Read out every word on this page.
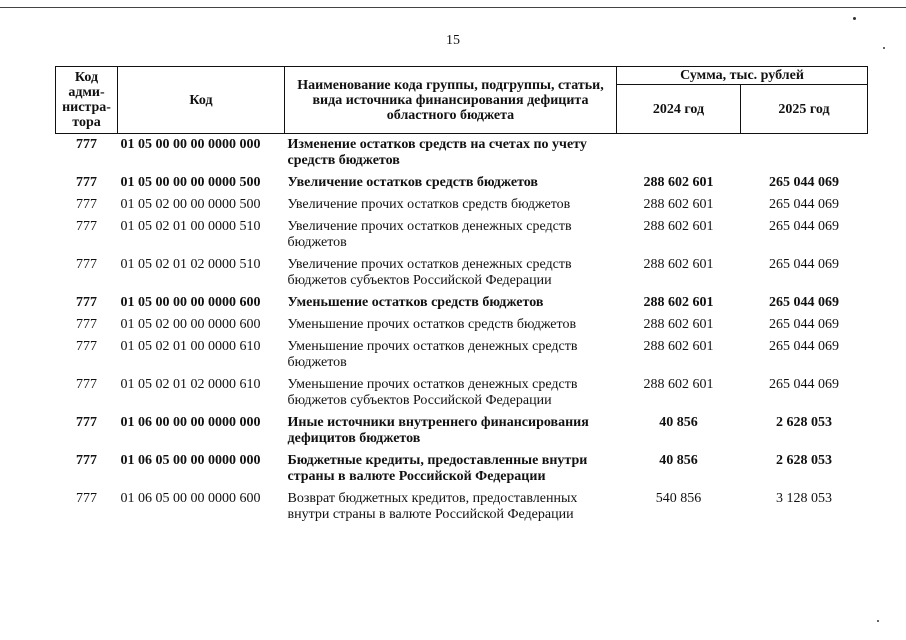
15
Код адми-нистра-тора	Код	Наименование кода группы, подгруппы, статьи, вида источника финансирования дефицита областного бюджета	Сумма, тыс. рублей	
			2024 год	2025 год
777	01 05 00 00 00 0000 000	Изменение остатков средств на счетах по учету средств бюджетов		
777	01 05 00 00 00 0000 500	Увеличение остатков средств бюджетов	288 602 601	265 044 069
777	01 05 02 00 00 0000 500	Увеличение прочих остатков средств бюджетов	288 602 601	265 044 069
777	01 05 02 01 00 0000 510	Увеличение прочих остатков денежных средств бюджетов	288 602 601	265 044 069
777	01 05 02 01 02 0000 510	Увеличение прочих остатков денежных средств бюджетов субъектов Российской Федерации	288 602 601	265 044 069
777	01 05 00 00 00 0000 600	Уменьшение остатков средств бюджетов	288 602 601	265 044 069
777	01 05 02 00 00 0000 600	Уменьшение прочих остатков средств бюджетов	288 602 601	265 044 069
777	01 05 02 01 00 0000 610	Уменьшение прочих остатков денежных средств бюджетов	288 602 601	265 044 069
777	01 05 02 01 02 0000 610	Уменьшение прочих остатков денежных средств бюджетов субъектов Российской Федерации	288 602 601	265 044 069
777	01 06 00 00 00 0000 000	Иные источники внутреннего финансирования дефицитов бюджетов	40 856	2 628 053
777	01 06 05 00 00 0000 000	Бюджетные кредиты, предоставленные внутри страны в валюте Российской Федерации	40 856	2 628 053
777	01 06 05 00 00 0000 600	Возврат бюджетных кредитов, предоставленных внутри страны в валюте Российской Федерации	540 856	3 128 053
